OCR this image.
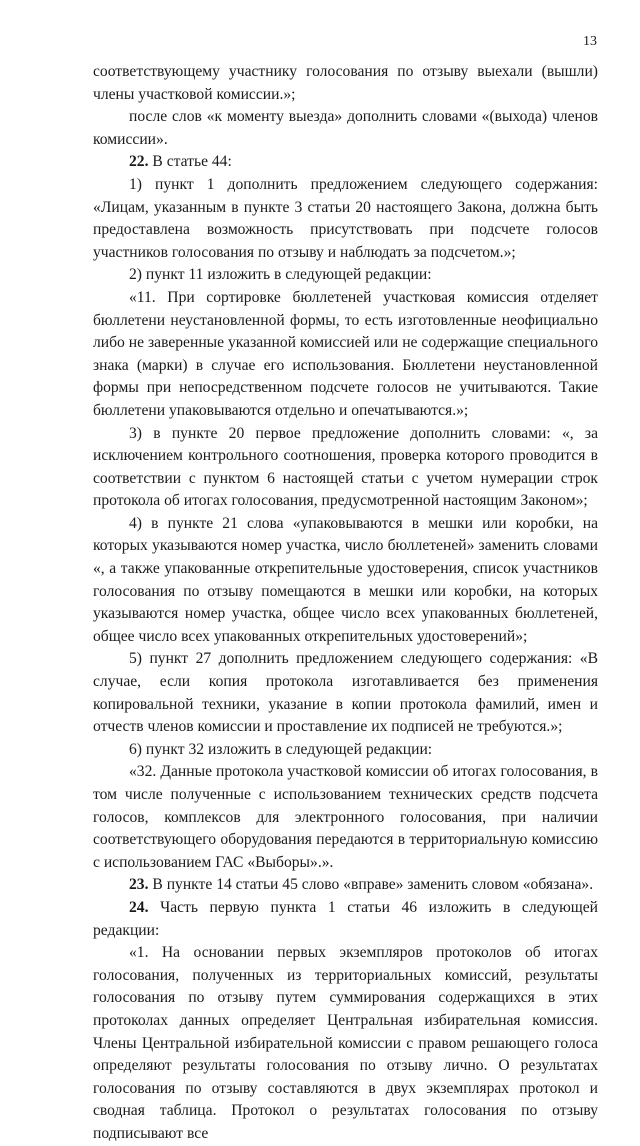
13

соответствующему участнику голосования по отзыву выехали (вышли) члены участковой комиссии.»;

после слов «к моменту выезда» дополнить словами «(выхода) членов комиссии».

22. В статье 44:

1) пункт 1 дополнить предложением следующего содержания: «Лицам, указанным в пункте 3 статьи 20 настоящего Закона, должна быть предоставлена возможность присутствовать при подсчете голосов участников голосования по отзыву и наблюдать за подсчетом.»;

2) пункт 11 изложить в следующей редакции:

«11. При сортировке бюллетеней участковая комиссия отделяет бюллетени неустановленной формы, то есть изготовленные неофициально либо не заверенные указанной комиссией или не содержащие специального знака (марки) в случае его использования. Бюллетени неустановленной формы при непосредственном подсчете голосов не учитываются. Такие бюллетени упаковываются отдельно и опечатываются.»;

3) в пункте 20 первое предложение дополнить словами: «, за исключением контрольного соотношения, проверка которого проводится в соответствии с пунктом 6 настоящей статьи с учетом нумерации строк протокола об итогах голосования, предусмотренной настоящим Законом»;

4) в пункте 21 слова «упаковываются в мешки или коробки, на которых указываются номер участка, число бюллетеней» заменить словами «, а также упакованные открепительные удостоверения, список участников голосования по отзыву помещаются в мешки или коробки, на которых указываются номер участка, общее число всех упакованных бюллетеней, общее число всех упакованных открепительных удостоверений»;

5) пункт 27 дополнить предложением следующего содержания: «В случае, если копия протокола изготавливается без применения копировальной техники, указание в копии протокола фамилий, имен и отчеств членов комиссии и проставление их подписей не требуются.»;

6) пункт 32 изложить в следующей редакции:

«32. Данные протокола участковой комиссии об итогах голосования, в том числе полученные с использованием технических средств подсчета голосов, комплексов для электронного голосования, при наличии соответствующего оборудования передаются в территориальную комиссию с использованием ГАС «Выборы».».

23. В пункте 14 статьи 45 слово «вправе» заменить словом «обязана».

24. Часть первую пункта 1 статьи 46 изложить в следующей редакции:

«1. На основании первых экземпляров протоколов об итогах голосования, полученных из территориальных комиссий, результаты голосования по отзыву путем суммирования содержащихся в этих протоколах данных определяет Центральная избирательная комиссия. Члены Центральной избирательной комиссии с правом решающего голоса определяют результаты голосования по отзыву лично. О результатах голосования по отзыву составляются в двух экземплярах протокол и сводная таблица. Протокол о результатах голосования по отзыву подписывают все
